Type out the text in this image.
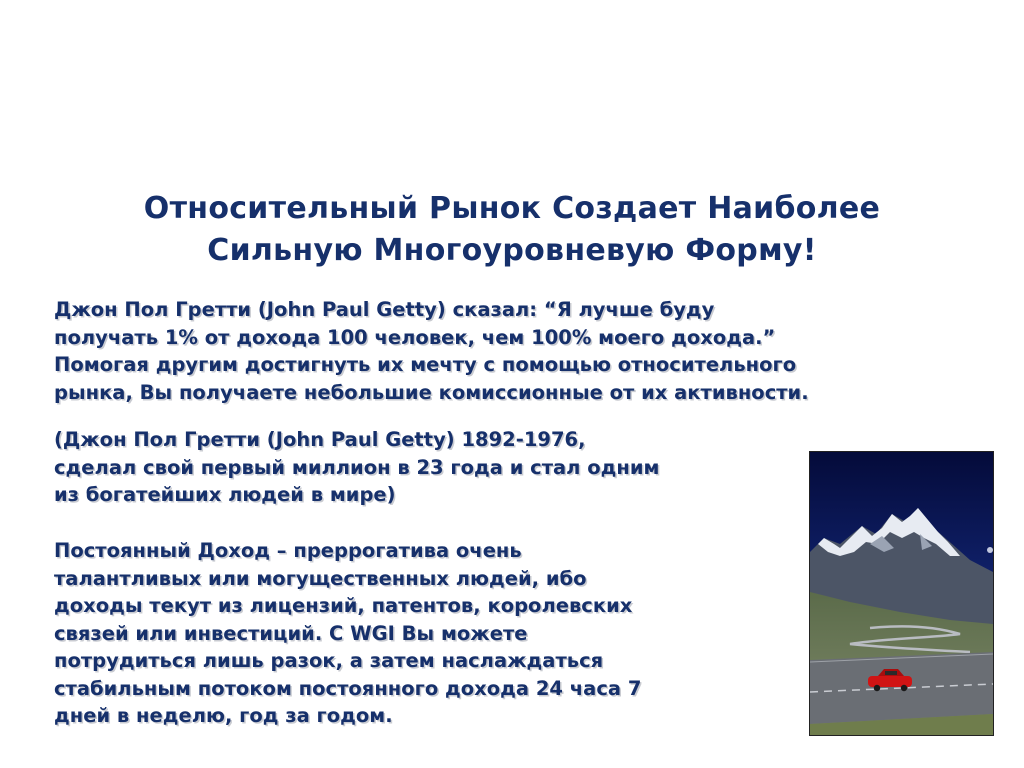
Относительный Рынок Создает Наиболее
Сильную Многоуровневую Форму!
Джон Пол Гретти (John Paul Getty) сказал: “Я лучше буду
получать 1% от дохода 100 человек, чем 100% моего дохода.”
Помогая другим достигнуть их мечту с помощью относительного
рынка, Вы получаете небольшие комиссионные от их активности.
(Джон Пол Гретти (John Paul Getty) 1892-1976,
сделал свой первый миллион в 23 года и стал одним
из богатейших людей в мире)
Постоянный Доход – преррогатива очень
талантливых или могущественных людей, ибо
доходы текут из лицензий, патентов, королевских
связей или инвестиций. С WGI Вы можете
потрудиться лишь разок, а затем наслаждаться
стабильным потоком постоянного дохода 24 часа 7
дней в неделю, год за годом.
